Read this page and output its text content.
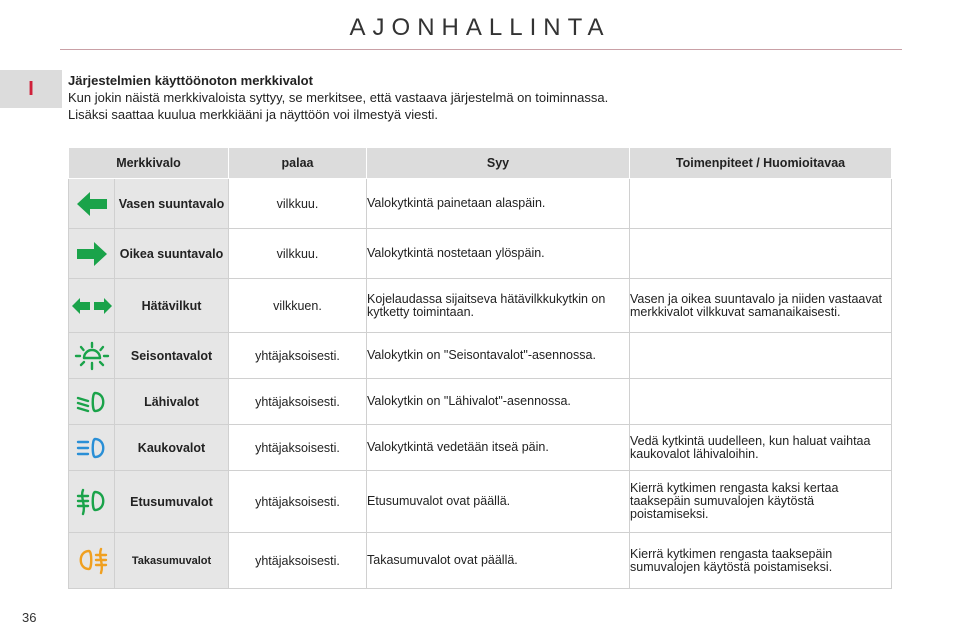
AJONHALLINTA
I	Järjestelmien käyttöönoton merkkivalot
Kun jokin näistä merkkivaloista syttyy, se merkitsee, että vastaava järjestelmä on toiminnassa.
Lisäksi saattaa kuulua merkkiääni ja näyttöön voi ilmestyä viesti.
Merkkivalo		palaa	Syy	Toimenpiteet / Huomioitavaa
	Vasen suuntavalo	vilkkuu.	Valokytkintä painetaan alaspäin.	
	Oikea suuntavalo	vilkkuu.	Valokytkintä nostetaan ylöspäin.	
	Hätävilkut	vilkkuen.	Kojelaudassa sijaitseva hätävilkkukytkin on kytketty toimintaan.	Vasen ja oikea suuntavalo ja niiden vastaavat merkkivalot vilkkuvat samanaikaisesti.
	Seisontavalot	yhtäjaksoisesti.	Valokytkin on "Seisontavalot"-asennossa.	
	Lähivalot	yhtäjaksoisesti.	Valokytkin on "Lähivalot"-asennossa.	
	Kaukovalot	yhtäjaksoisesti.	Valokytkintä vedetään itseä päin.	Vedä kytkintä uudelleen, kun haluat vaihtaa kaukovalot lähivaloihin.
	Etusumuvalot	yhtäjaksoisesti.	Etusumuvalot ovat päällä.	Kierrä kytkimen rengasta kaksi kertaa taaksepäin sumuvalojen käytöstä poistamiseksi.
	Takasumuvalot	yhtäjaksoisesti.	Takasumuvalot ovat päällä.	Kierrä kytkimen rengasta taaksepäin sumuvalojen käytöstä poistamiseksi.
36
